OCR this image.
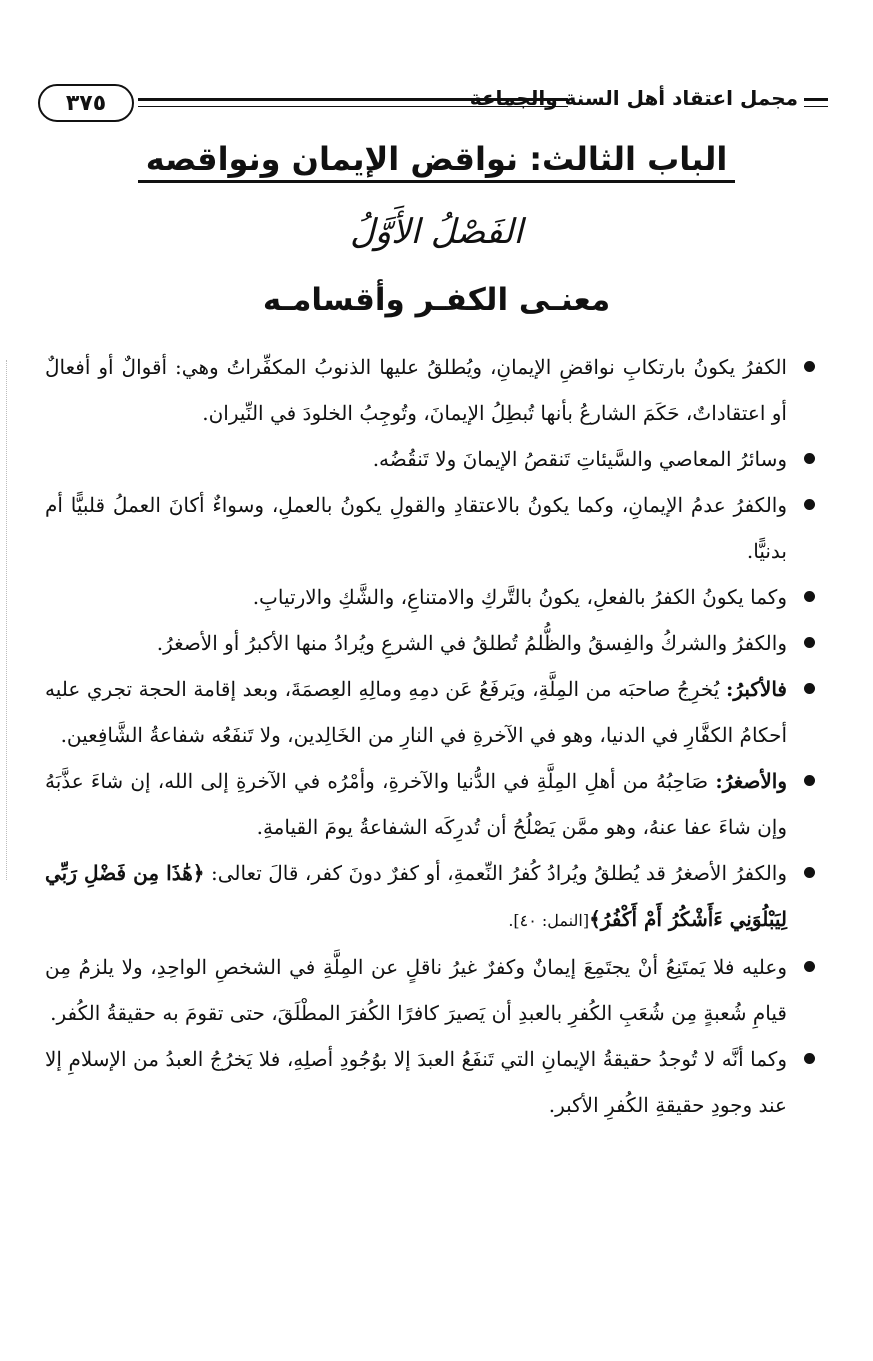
٣٧٥	مجمل اعتقاد أهل السنة والجماعة
الباب الثالث: نواقض الإيمان ونواقصه
الفَصْلُ الأَوَّلُ
معنـى الكفـر وأقسامـه
الكفرُ يكونُ بارتكابِ نواقضِ الإيمانِ، ويُطلقُ عليها الذنوبُ المكفِّراتُ وهي: أقوالٌ أو أفعالٌ أو اعتقاداتٌ، حَكَمَ الشارعُ بأنها تُبطِلُ الإيمانَ، وتُوجِبُ الخلودَ في النِّيران.
وسائرُ المعاصي والسَّيئاتِ تَنقصُ الإيمانَ ولا تَنقُضُه.
والكفرُ عدمُ الإيمانِ، وكما يكونُ بالاعتقادِ والقولِ يكونُ بالعملِ، وسواءٌ أكانَ العملُ قلبيًّا أم بدنيًّا.
وكما يكونُ الكفرُ بالفعلِ، يكونُ بالتَّركِ والامتناعِ، والشَّكِ والارتيابِ.
والكفرُ والشركُ والفِسقُ والظُّلمُ تُطلقُ في الشرعِ ويُرادُ منها الأكبرُ أو الأصغرُ.
فالأكبرُ: يُخرِجُ صاحبَه من المِلَّةِ، ويَرفَعُ عَن دمِهِ ومالِهِ العِصمَةَ، وبعد إقامة الحجة تجري عليه أحكامُ الكفَّارِ في الدنيا، وهو في الآخرةِ في النارِ من الخَالِدين، ولا تَنفَعُه شفاعةُ الشَّافِعين.
والأصغرُ: صَاحِبُهُ من أهلِ المِلَّةِ في الدُّنيا والآخرةِ، وأمْرُه في الآخرةِ إلى الله، إن شاءَ عذَّبَهُ وإن شاءَ عفا عنهُ، وهو ممَّن يَصْلُحُ أن تُدرِكَه الشفاعةُ يومَ القيامةِ.
والكفرُ الأصغرُ قد يُطلقُ ويُرادُ كُفرُ النِّعمةِ، أو كفرٌ دونَ كفر، قالَ تعالى: ﴿هَٰذَا مِن فَضْلِ رَبِّي لِيَبْلُوَنِي ءَأَشْكُرُ أَمْ أَكْفُرُ﴾[النمل: ٤٠].
وعليه فلا يَمتَنِعُ أنْ يجتَمِعَ إيمانٌ وكفرٌ غيرُ ناقلٍ عن المِلَّةِ في الشخصِ الواحِدِ، ولا يلزمُ مِن قيامِ شُعبةٍ مِن شُعَبِ الكُفرِ بالعبدِ أن يَصيرَ كافرًا الكُفرَ المطْلَقَ، حتى تقومَ به حقيقةُ الكُفر.
وكما أنَّه لا تُوجدُ حقيقةُ الإيمانِ التي تَنفَعُ العبدَ إلا بوُجُودِ أصلِهِ، فلا يَخرُجُ العبدُ من الإسلامِ إلا عند وجودِ حقيقةِ الكُفرِ الأكبر.
